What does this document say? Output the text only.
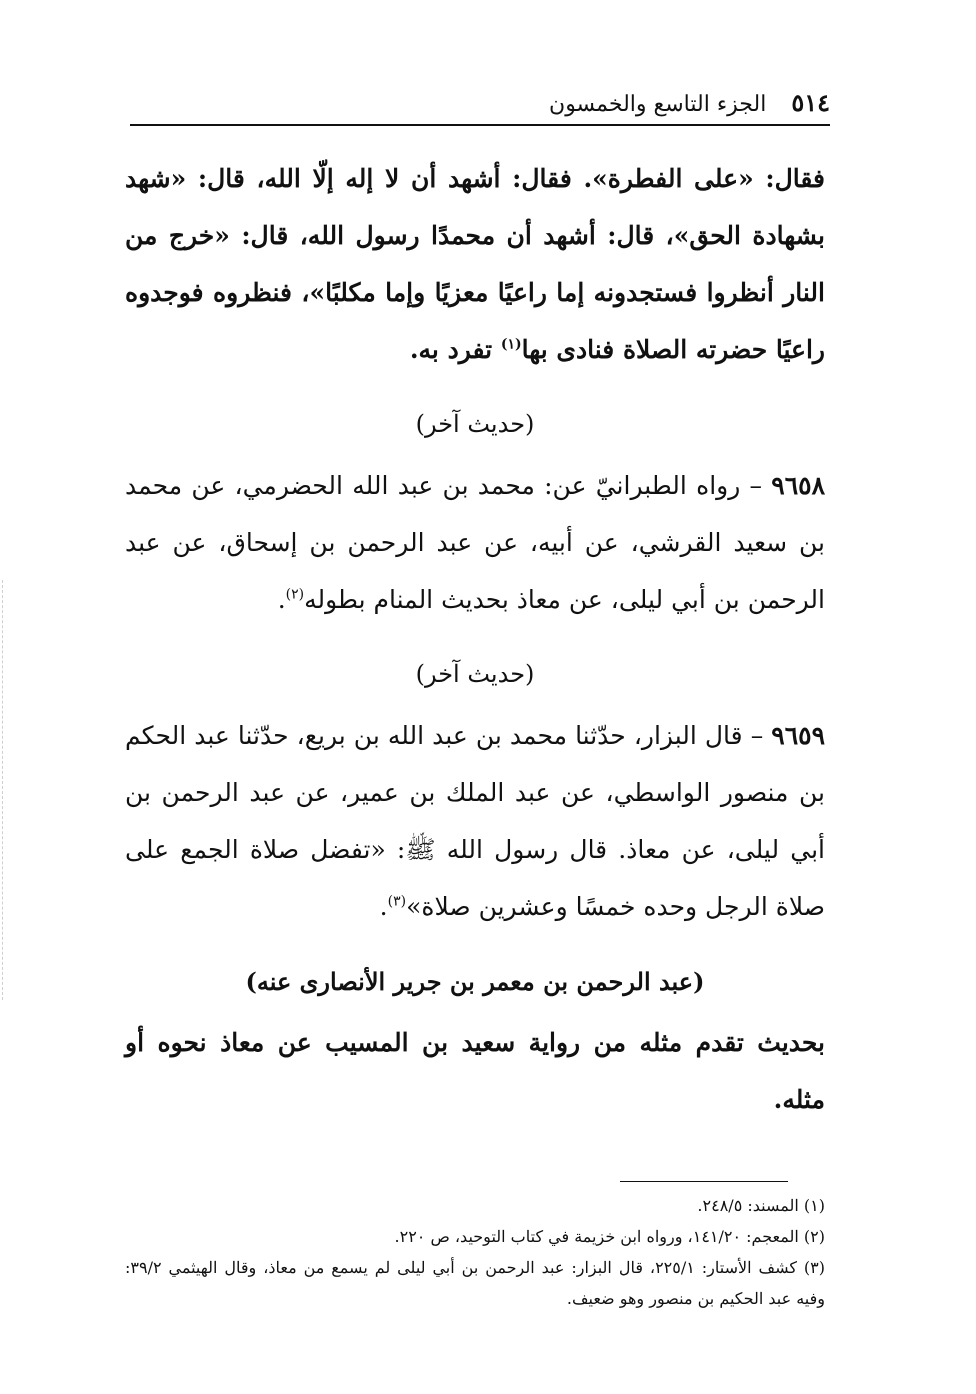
٥١٤ الجزء التاسع والخمسون

فقال: «على الفطرة». فقال: أشهد أن لا إله إلّا الله، قال: «شهد بشهادة الحق»، قال: أشهد أن محمدًا رسول الله، قال: «خرج من النار أنظروا فستجدونه إما راعيًا معزيًا وإما مكلبًا»، فنظروه فوجدوه راعيًا حضرته الصلاة فنادى بها$^{(١)}$ تفرد به.

(حديث آخر)

٩٦٥٨ – رواه الطبرانيّ عن: محمد بن عبد الله الحضرمي، عن محمد بن سعيد القرشي، عن أبيه، عن عبد الرحمن بن إسحاق، عن عبد الرحمن بن أبي ليلى، عن معاذ بحديث المنام بطوله$^{(٢)}$.

(حديث آخر)

٩٦٥٩ – قال البزار، حدّثنا محمد بن عبد الله بن بريع، حدّثنا عبد الحكم بن منصور الواسطي، عن عبد الملك بن عمير، عن عبد الرحمن بن أبي ليلى، عن معاذ. قال رسول الله ﷺ: «تفضل صلاة الجمع على صلاة الرجل وحده خمسًا وعشرين صلاة»$^{(٣)}$.

(عبد الرحمن بن معمر بن جرير الأنصارى عنه)

بحديث تقدم مثله من رواية سعيد بن المسيب عن معاذ نحوه أو مثله.

(١) المسند: ٢٤٨/٥.

(٢) المعجم: ١٤١/٢٠، ورواه ابن خزيمة في كتاب التوحيد، ص ٢٢٠.

(٣) كشف الأستار: ٢٢٥/١، قال البزار: عبد الرحمن بن أبي ليلى لم يسمع من معاذ، وقال الهيثمي ٣٩/٢: وفيه عبد الحكيم بن منصور وهو ضعيف.
